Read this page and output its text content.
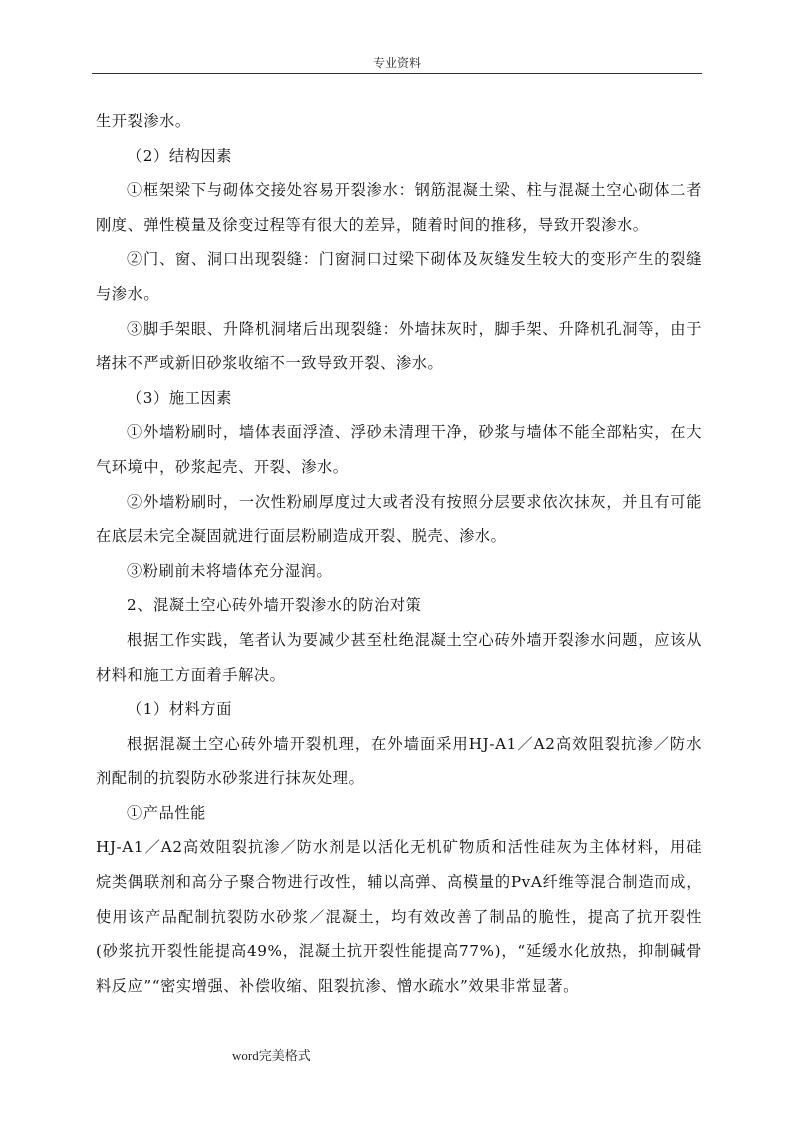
专业资料

生开裂渗水。

（2）结构因素

①框架梁下与砌体交接处容易开裂渗水：钢筋混凝土梁、柱与混凝土空心砌体二者刚度、弹性模量及徐变过程等有很大的差异，随着时间的推移，导致开裂渗水。

②门、窗、洞口出现裂缝：门窗洞口过梁下砌体及灰缝发生较大的变形产生的裂缝与渗水。

③脚手架眼、升降机洞堵后出现裂缝：外墙抹灰时，脚手架、升降机孔洞等，由于堵抹不严或新旧砂浆收缩不一致导致开裂、渗水。

（3）施工因素

①外墙粉刷时，墙体表面浮渣、浮砂未清理干净，砂浆与墙体不能全部粘实，在大气环境中，砂浆起壳、开裂、渗水。

②外墙粉刷时，一次性粉刷厚度过大或者没有按照分层要求依次抹灰，并且有可能在底层未完全凝固就进行面层粉刷造成开裂、脱壳、渗水。

③粉刷前未将墙体充分湿润。

2、混凝土空心砖外墙开裂渗水的防治对策

根据工作实践，笔者认为要减少甚至杜绝混凝土空心砖外墙开裂渗水问题，应该从材料和施工方面着手解决。

（1）材料方面

根据混凝土空心砖外墙开裂机理，在外墙面采用HJ-A1／A2高效阻裂抗渗／防水剂配制的抗裂防水砂浆进行抹灰处理。

①产品性能

HJ-A1／A2高效阻裂抗渗／防水剂是以活化无机矿物质和活性硅灰为主体材料，用硅烷类偶联剂和高分子聚合物进行改性，辅以高弹、高模量的PvA纤维等混合制造而成，使用该产品配制抗裂防水砂浆／混凝土，均有效改善了制品的脆性，提高了抗开裂性(砂浆抗开裂性能提高49%，混凝土抗开裂性能提高77%)，“延缓水化放热，抑制碱骨料反应”“密实增强、补偿收缩、阻裂抗渗、憎水疏水”效果非常显著。

word完美格式
